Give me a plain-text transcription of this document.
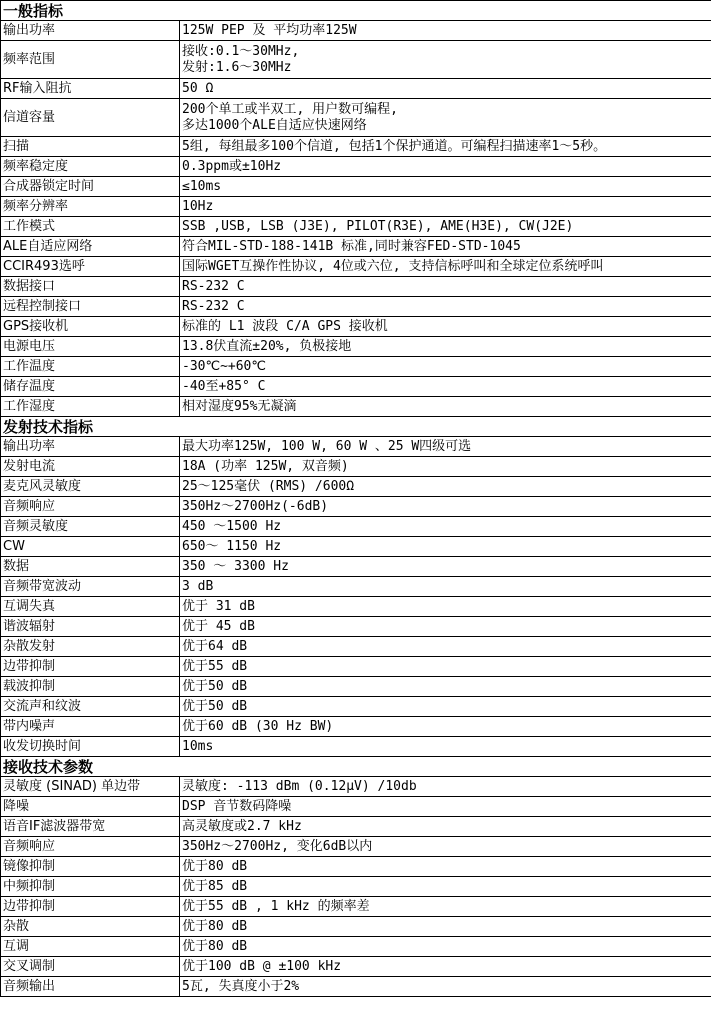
一般指标	
输出功率	125W PEP 及 平均功率125W

频率范围	接收:0.1～30MHz,
发射:1.6～30MHz

RF输入阻抗	50 Ω

信道容量	200个单工或半双工, 用户数可编程,
多达1000个ALE自适应快速网络

扫描	5组, 每组最多100个信道, 包括1个保护通道。可编程扫描速率1～5秒。

频率稳定度	0.3ppm或±10Hz

合成器锁定时间	≤10ms

频率分辨率	10Hz

工作模式	SSB ,USB, LSB (J3E), PILOT(R3E), AME(H3E), CW(J2E)

ALE自适应网络	符合MIL-STD-188-141B 标准,同时兼容FED-STD-1045

CCIR493选呼	国际WGET互操作性协议, 4位或六位, 支持信标呼叫和全球定位系统呼叫

数据接口	RS-232 C

远程控制接口	RS-232 C

GPS接收机	标准的 L1 波段 C/A GPS 接收机

电源电压	13.8伏直流±20%, 负极接地

工作温度	-30℃~+60℃

储存温度	-40至+85° C

工作湿度	相对湿度95%无凝滴

发射技术指标	
输出功率	最大功率125W, 100 W, 60 W 、25 W四级可选

发射电流	18A (功率 125W, 双音频)

麦克风灵敏度	25～125毫伏 (RMS) /600Ω

音频响应	350Hz～2700Hz(-6dB)

音频灵敏度	450 ～1500 Hz

CW	650～ 1150 Hz

数据	350 ～ 3300 Hz

音频带宽波动	3 dB

互调失真	优于 31 dB

谐波辐射	优于 45 dB

杂散发射	优于64 dB

边带抑制	优于55 dB

载波抑制	优于50 dB

交流声和纹波	优于50 dB

带内噪声	优于60 dB (30 Hz BW)

收发切换时间	10ms

接收技术参数	
灵敏度 (SINAD) 单边带	灵敏度: -113 dBm (0.12μV) /10db

降噪	DSP 音节数码降噪

语音IF滤波器带宽	高灵敏度或2.7 kHz

音频响应	350Hz～2700Hz, 变化6dB以内

镜像抑制	优于80 dB

中频抑制	优于85 dB

边带抑制	优于55 dB , 1 kHz 的频率差

杂散	优于80 dB

互调	优于80 dB

交叉调制	优于100 dB @ ±100 kHz

音频输出	5瓦, 失真度小于2%
